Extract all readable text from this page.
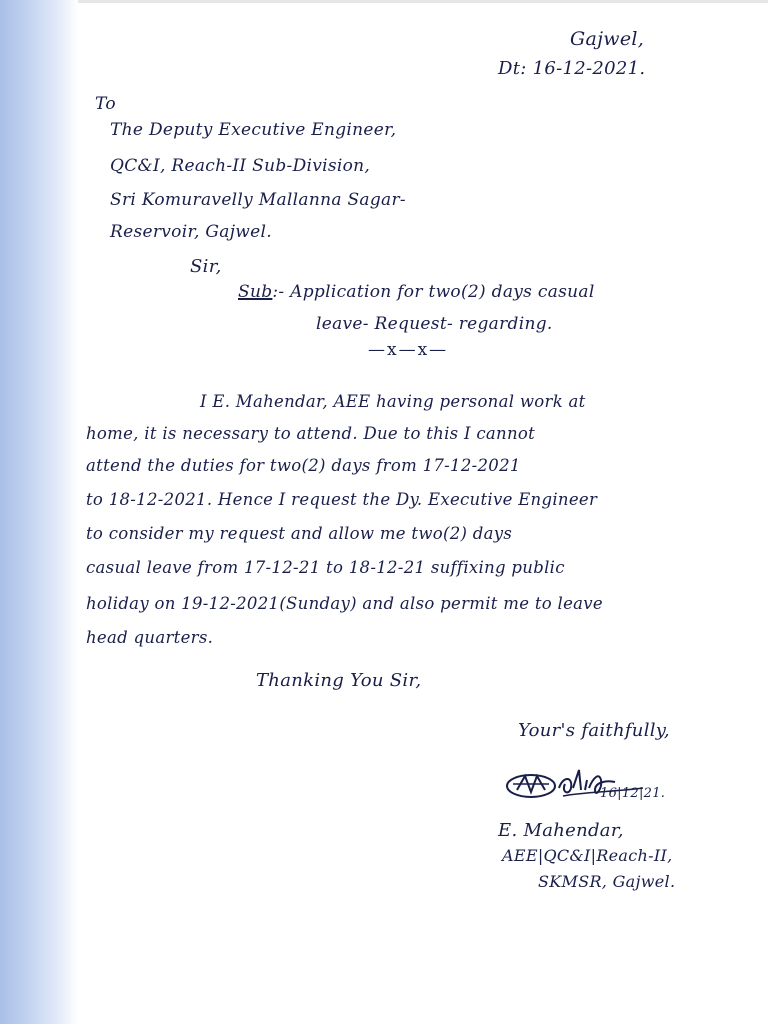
Gajwel,
Dt: 16-12-2021.
To
The Deputy Executive Engineer,
QC&I, Reach-II Sub-Division,
Sri Komuravelly Mallanna Sagar-
Reservoir, Gajwel.
Sir,
Sub:- Application for two(2) days casual
leave- Request- regarding.
—x—x—
I E. Mahendar, AEE having personal work at
home, it is necessary to attend. Due to this I cannot
attend the duties for two(2) days from 17-12-2021
to 18-12-2021. Hence I request the Dy. Executive Engineer
to consider my request and allow me two(2) days
casual leave from 17-12-21 to 18-12-21 suffixing public
holiday on 19-12-2021(Sunday) and also permit me to leave
head quarters.
Thanking You Sir,
Your's faithfully,
16|12|21.
E. Mahendar,
AEE|QC&I|Reach-II,
SKMSR, Gajwel.
